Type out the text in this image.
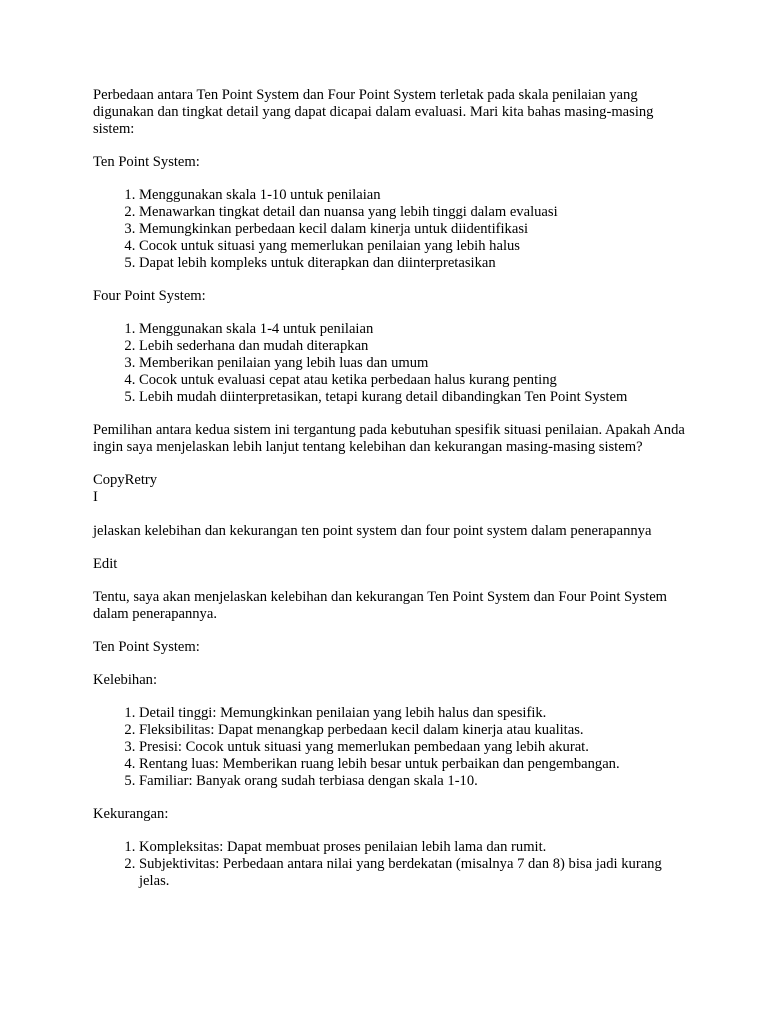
Perbedaan antara Ten Point System dan Four Point System terletak pada skala penilaian yang digunakan dan tingkat detail yang dapat dicapai dalam evaluasi. Mari kita bahas masing-masing sistem:

Ten Point System:

1. Menggunakan skala 1-10 untuk penilaian
2. Menawarkan tingkat detail dan nuansa yang lebih tinggi dalam evaluasi
3. Memungkinkan perbedaan kecil dalam kinerja untuk diidentifikasi
4. Cocok untuk situasi yang memerlukan penilaian yang lebih halus
5. Dapat lebih kompleks untuk diterapkan dan diinterpretasikan

Four Point System:

1. Menggunakan skala 1-4 untuk penilaian
2. Lebih sederhana dan mudah diterapkan
3. Memberikan penilaian yang lebih luas dan umum
4. Cocok untuk evaluasi cepat atau ketika perbedaan halus kurang penting
5. Lebih mudah diinterpretasikan, tetapi kurang detail dibandingkan Ten Point System

Pemilihan antara kedua sistem ini tergantung pada kebutuhan spesifik situasi penilaian. Apakah Anda ingin saya menjelaskan lebih lanjut tentang kelebihan dan kekurangan masing-masing sistem?

CopyRetry

I

jelaskan kelebihan dan kekurangan ten point system dan four point system dalam penerapannya

Edit

Tentu, saya akan menjelaskan kelebihan dan kekurangan Ten Point System dan Four Point System dalam penerapannya.

Ten Point System:

Kelebihan:

1. Detail tinggi: Memungkinkan penilaian yang lebih halus dan spesifik.
2. Fleksibilitas: Dapat menangkap perbedaan kecil dalam kinerja atau kualitas.
3. Presisi: Cocok untuk situasi yang memerlukan pembedaan yang lebih akurat.
4. Rentang luas: Memberikan ruang lebih besar untuk perbaikan dan pengembangan.
5. Familiar: Banyak orang sudah terbiasa dengan skala 1-10.

Kekurangan:

1. Kompleksitas: Dapat membuat proses penilaian lebih lama dan rumit.
2. Subjektivitas: Perbedaan antara nilai yang berdekatan (misalnya 7 dan 8) bisa jadi kurang jelas.
